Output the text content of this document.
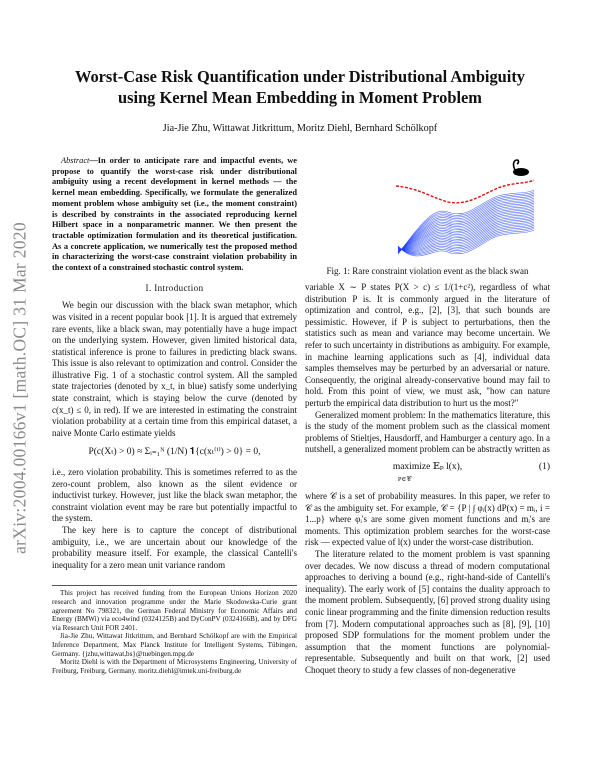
arXiv:2004.00166v1 [math.OC] 31 Mar 2020
Worst-Case Risk Quantification under Distributional Ambiguity
using Kernel Mean Embedding in Moment Problem
Jia-Jie Zhu, Wittawat Jitkrittum, Moritz Diehl, Bernhard Schölkopf

Abstract—In order to anticipate rare and impactful events, we propose to quantify the worst-case risk under distributional ambiguity using a recent development in kernel methods — the kernel mean embedding. Specifically, we formulate the generalized moment problem whose ambiguity set (i.e., the moment constraint) is described by constraints in the associated reproducing kernel Hilbert space in a nonparametric manner. We then present the tractable optimization formulation and its theoretical justification. As a concrete application, we numerically test the proposed method in characterizing the worst-case constraint violation probability in the context of a constrained stochastic control system.

I. Introduction

We begin our discussion with the black swan metaphor, which was visited in a recent popular book [1]. It is argued that extremely rare events, like a black swan, may potentially have a huge impact on the underlying system. However, given limited historical data, statistical inference is prone to failures in predicting black swans. This issue is also relevant to optimization and control. Consider the illustrative Fig. 1 of a stochastic control system. All the sampled state trajectories (denoted by x_t, in blue) satisfy some underlying state constraint, which is staying below the curve (denoted by c(x_t) ≤ 0, in red). If we are interested in estimating the constraint violation probability at a certain time from this empirical dataset, a naive Monte Carlo estimate yields

P(c(Xₜ) > 0) ≈ Σᵢ₌₁ᴺ (1/N) 𝟏{c(xₜ⁽ⁱ⁾) > 0} = 0,

i.e., zero violation probability. This is sometimes referred to as the zero-count problem, also known as the silent evidence or inductivist turkey. However, just like the black swan metaphor, the constraint violation event may be rare but potentially impactful to the system.

The key here is to capture the concept of distributional ambiguity, i.e., we are uncertain about our knowledge of the probability measure itself. For example, the classical Cantelli's inequality for a zero mean unit variance random

This project has received funding from the European Unions Horizon 2020 research and innovation programme under the Marie Skodowska-Curie grant agreement No 798321, the German Federal Ministry for Economic Affairs and Energy (BMWi) via eco4wind (0324125B) and DyConPV (0324166B), and by DFG via Research Unit FOR 2401.

Jia-Jie Zhu, Wittawat Jitkrittum, and Bernhard Schölkopf are with the Empirical Inference Department, Max Planck Institute for Intelligent Systems, Tübingen, Germany. {jzhu,wittawat,bs}@tuebingen.mpg.de

Moritz Diehl is with the Department of Microsystems Engineering, University of Freiburg, Freiburg, Germany. moritz.diehl@imtek.uni-freiburg.de

Fig. 1: Rare constraint violation event as the black swan

variable X ∼ P states P(X > c) ≤ 1/(1+c²), regardless of what distribution P is. It is commonly argued in the literature of optimization and control, e.g., [2], [3], that such bounds are pessimistic. However, if P is subject to perturbations, then the statistics such as mean and variance may become uncertain. We refer to such uncertainty in distributions as ambiguity. For example, in machine learning applications such as [4], individual data samples themselves may be perturbed by an adversarial or nature. Consequently, the original already-conservative bound may fail to hold. From this point of view, we must ask, "how can nature perturb the empirical data distribution to hurt us the most?"

Generalized moment problem: In the mathematics literature, this is the study of the moment problem such as the classical moment problems of Stieltjes, Hausdorff, and Hamburger a century ago. In a nutshell, a generalized moment problem can be abstractly written as

maximize 𝔼ₚ l(x),	(1)
P∈𝒞

where 𝒞 is a set of probability measures. In this paper, we refer to 𝒞 as the ambiguity set. For example, 𝒞 = {P | ∫ φᵢ(x) dP(x) = mᵢ, i = 1...p} where φᵢ's are some given moment functions and mᵢ's are moments. This optimization problem searches for the worst-case risk — expected value of l(x) under the worst-case distribution.

The literature related to the moment problem is vast spanning over decades. We now discuss a thread of modern computational approaches to deriving a bound (e.g., right-hand-side of Cantelli's inequality). The early work of [5] contains the duality approach to the moment problem. Subsequently, [6] proved strong duality using conic linear programming and the finite dimension reduction results from [7]. Modern computational approaches such as [8], [9], [10] proposed SDP formulations for the moment problem under the assumption that the moment functions are polynomial-representable. Subsequently and built on that work, [2] used Choquet theory to study a few classes of non-degenerative
